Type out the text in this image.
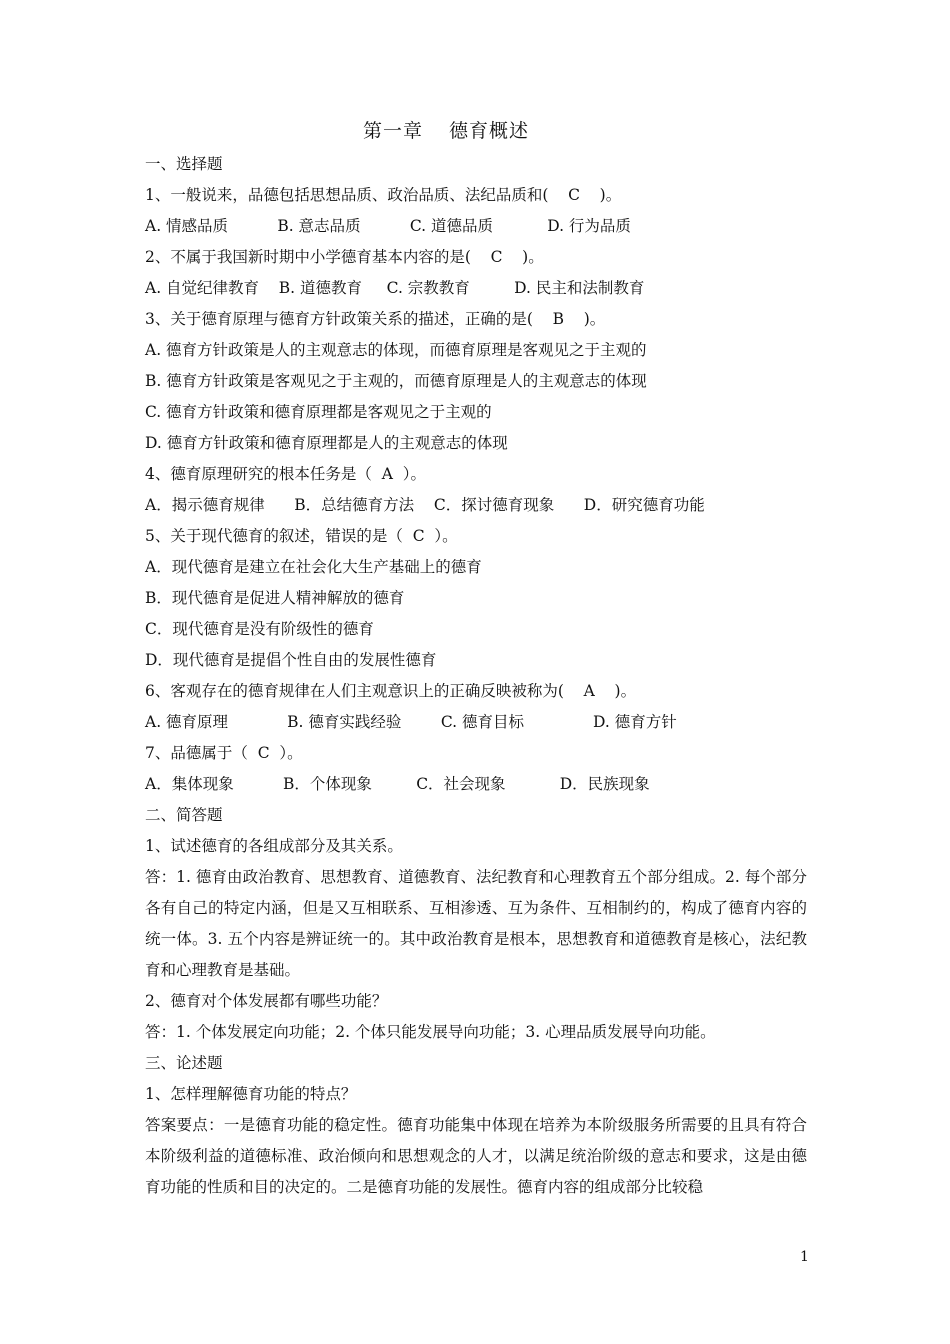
第一章 德育概述
一、选择题
1、一般说来，品德包括思想品质、政治品质、法纪品质和(    C    )。
A. 情感品质          B. 意志品质          C. 道德品质           D. 行为品质
2、不属于我国新时期中小学德育基本内容的是(    C    )。
A. 自觉纪律教育    B. 道德教育     C. 宗教教育         D. 民主和法制教育
3、关于德育原理与德育方针政策关系的描述，正确的是(    B    )。
A. 德育方针政策是人的主观意志的体现，而德育原理是客观见之于主观的
B. 德育方针政策是客观见之于主观的，而德育原理是人的主观意志的体现
C. 德育方针政策和德育原理都是客观见之于主观的
D. 德育方针政策和德育原理都是人的主观意志的体现
4、德育原理研究的根本任务是（  A  ）。
A．揭示德育规律      B．总结德育方法    C．探讨德育现象      D．研究德育功能
5、关于现代德育的叙述，错误的是（  C  ）。
A．现代德育是建立在社会化大生产基础上的德育
B．现代德育是促进人精神解放的德育
C．现代德育是没有阶级性的德育
D．现代德育是提倡个性自由的发展性德育
6、客观存在的德育规律在人们主观意识上的正确反映被称为(    A    )。
A. 德育原理            B. 德育实践经验        C. 德育目标              D. 德育方针
7、品德属于（  C  ）。
A．集体现象          B．个体现象         C．社会现象           D．民族现象
二、简答题
1、试述德育的各组成部分及其关系。
答：1. 德育由政治教育、思想教育、道德教育、法纪教育和心理教育五个部分组成。2. 每个部分各有自己的特定内涵，但是又互相联系、互相渗透、互为条件、互相制约的，构成了德育内容的统一体。3. 五个内容是辨证统一的。其中政治教育是根本，思想教育和道德教育是核心，法纪教育和心理教育是基础。
2、德育对个体发展都有哪些功能？
答：1. 个体发展定向功能；2. 个体只能发展导向功能；3. 心理品质发展导向功能。
三、论述题
1、怎样理解德育功能的特点？
答案要点：一是德育功能的稳定性。德育功能集中体现在培养为本阶级服务所需要的且具有符合本阶级利益的道德标准、政治倾向和思想观念的人才，以满足统治阶级的意志和要求，这是由德育功能的性质和目的决定的。二是德育功能的发展性。德育内容的组成部分比较稳
1
